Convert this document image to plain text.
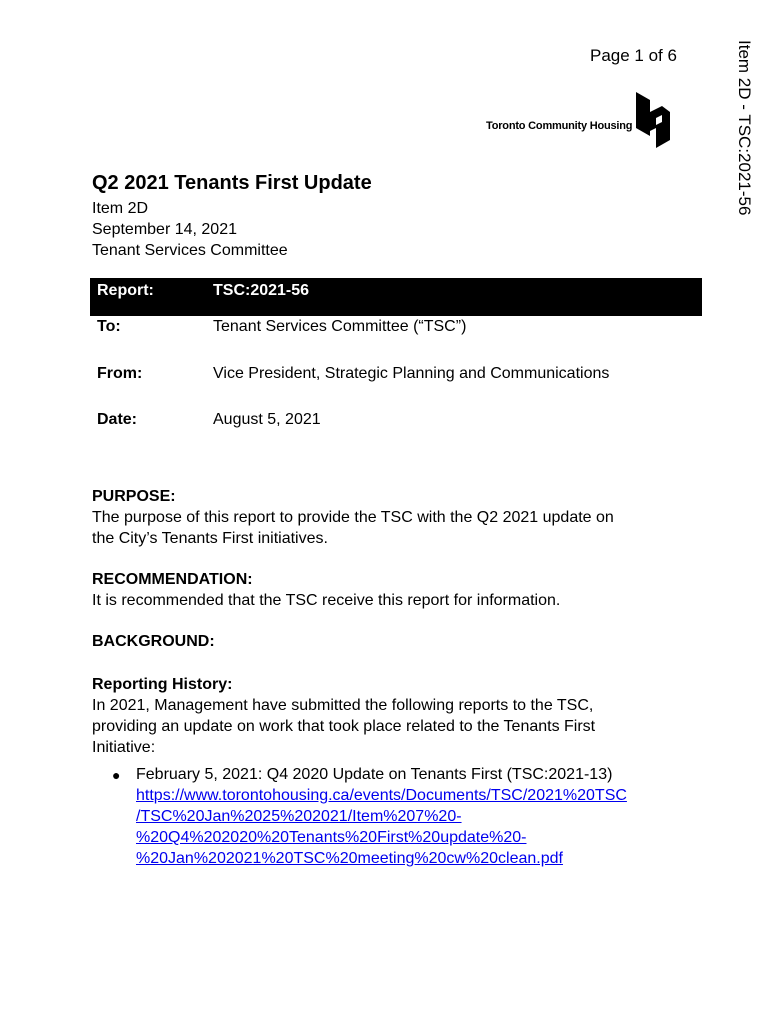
Page 1 of 6	Item 2D - TSC:2021-56
Toronto Community Housing
Q2 2021 Tenants First Update
Item 2D
September 14, 2021
Tenant Services Committee
Report:	TSC:2021-56
To:	Tenant Services Committee (“TSC”)
From:	Vice President, Strategic Planning and Communications
Date:	August 5, 2021
PURPOSE:
The purpose of this report to provide the TSC with the Q2 2021 update on
the City’s Tenants First initiatives.
RECOMMENDATION:
It is recommended that the TSC receive this report for information.
BACKGROUND:
Reporting History:
In 2021, Management have submitted the following reports to the TSC,
providing an update on work that took place related to the Tenants First
Initiative:
● February 5, 2021: Q4 2020 Update on Tenants First (TSC:2021-13)
https://www.torontohousing.ca/events/Documents/TSC/2021%20TSC
/TSC%20Jan%2025%202021/Item%207%20-
%20Q4%202020%20Tenants%20First%20update%20-
%20Jan%202021%20TSC%20meeting%20cw%20clean.pdf
